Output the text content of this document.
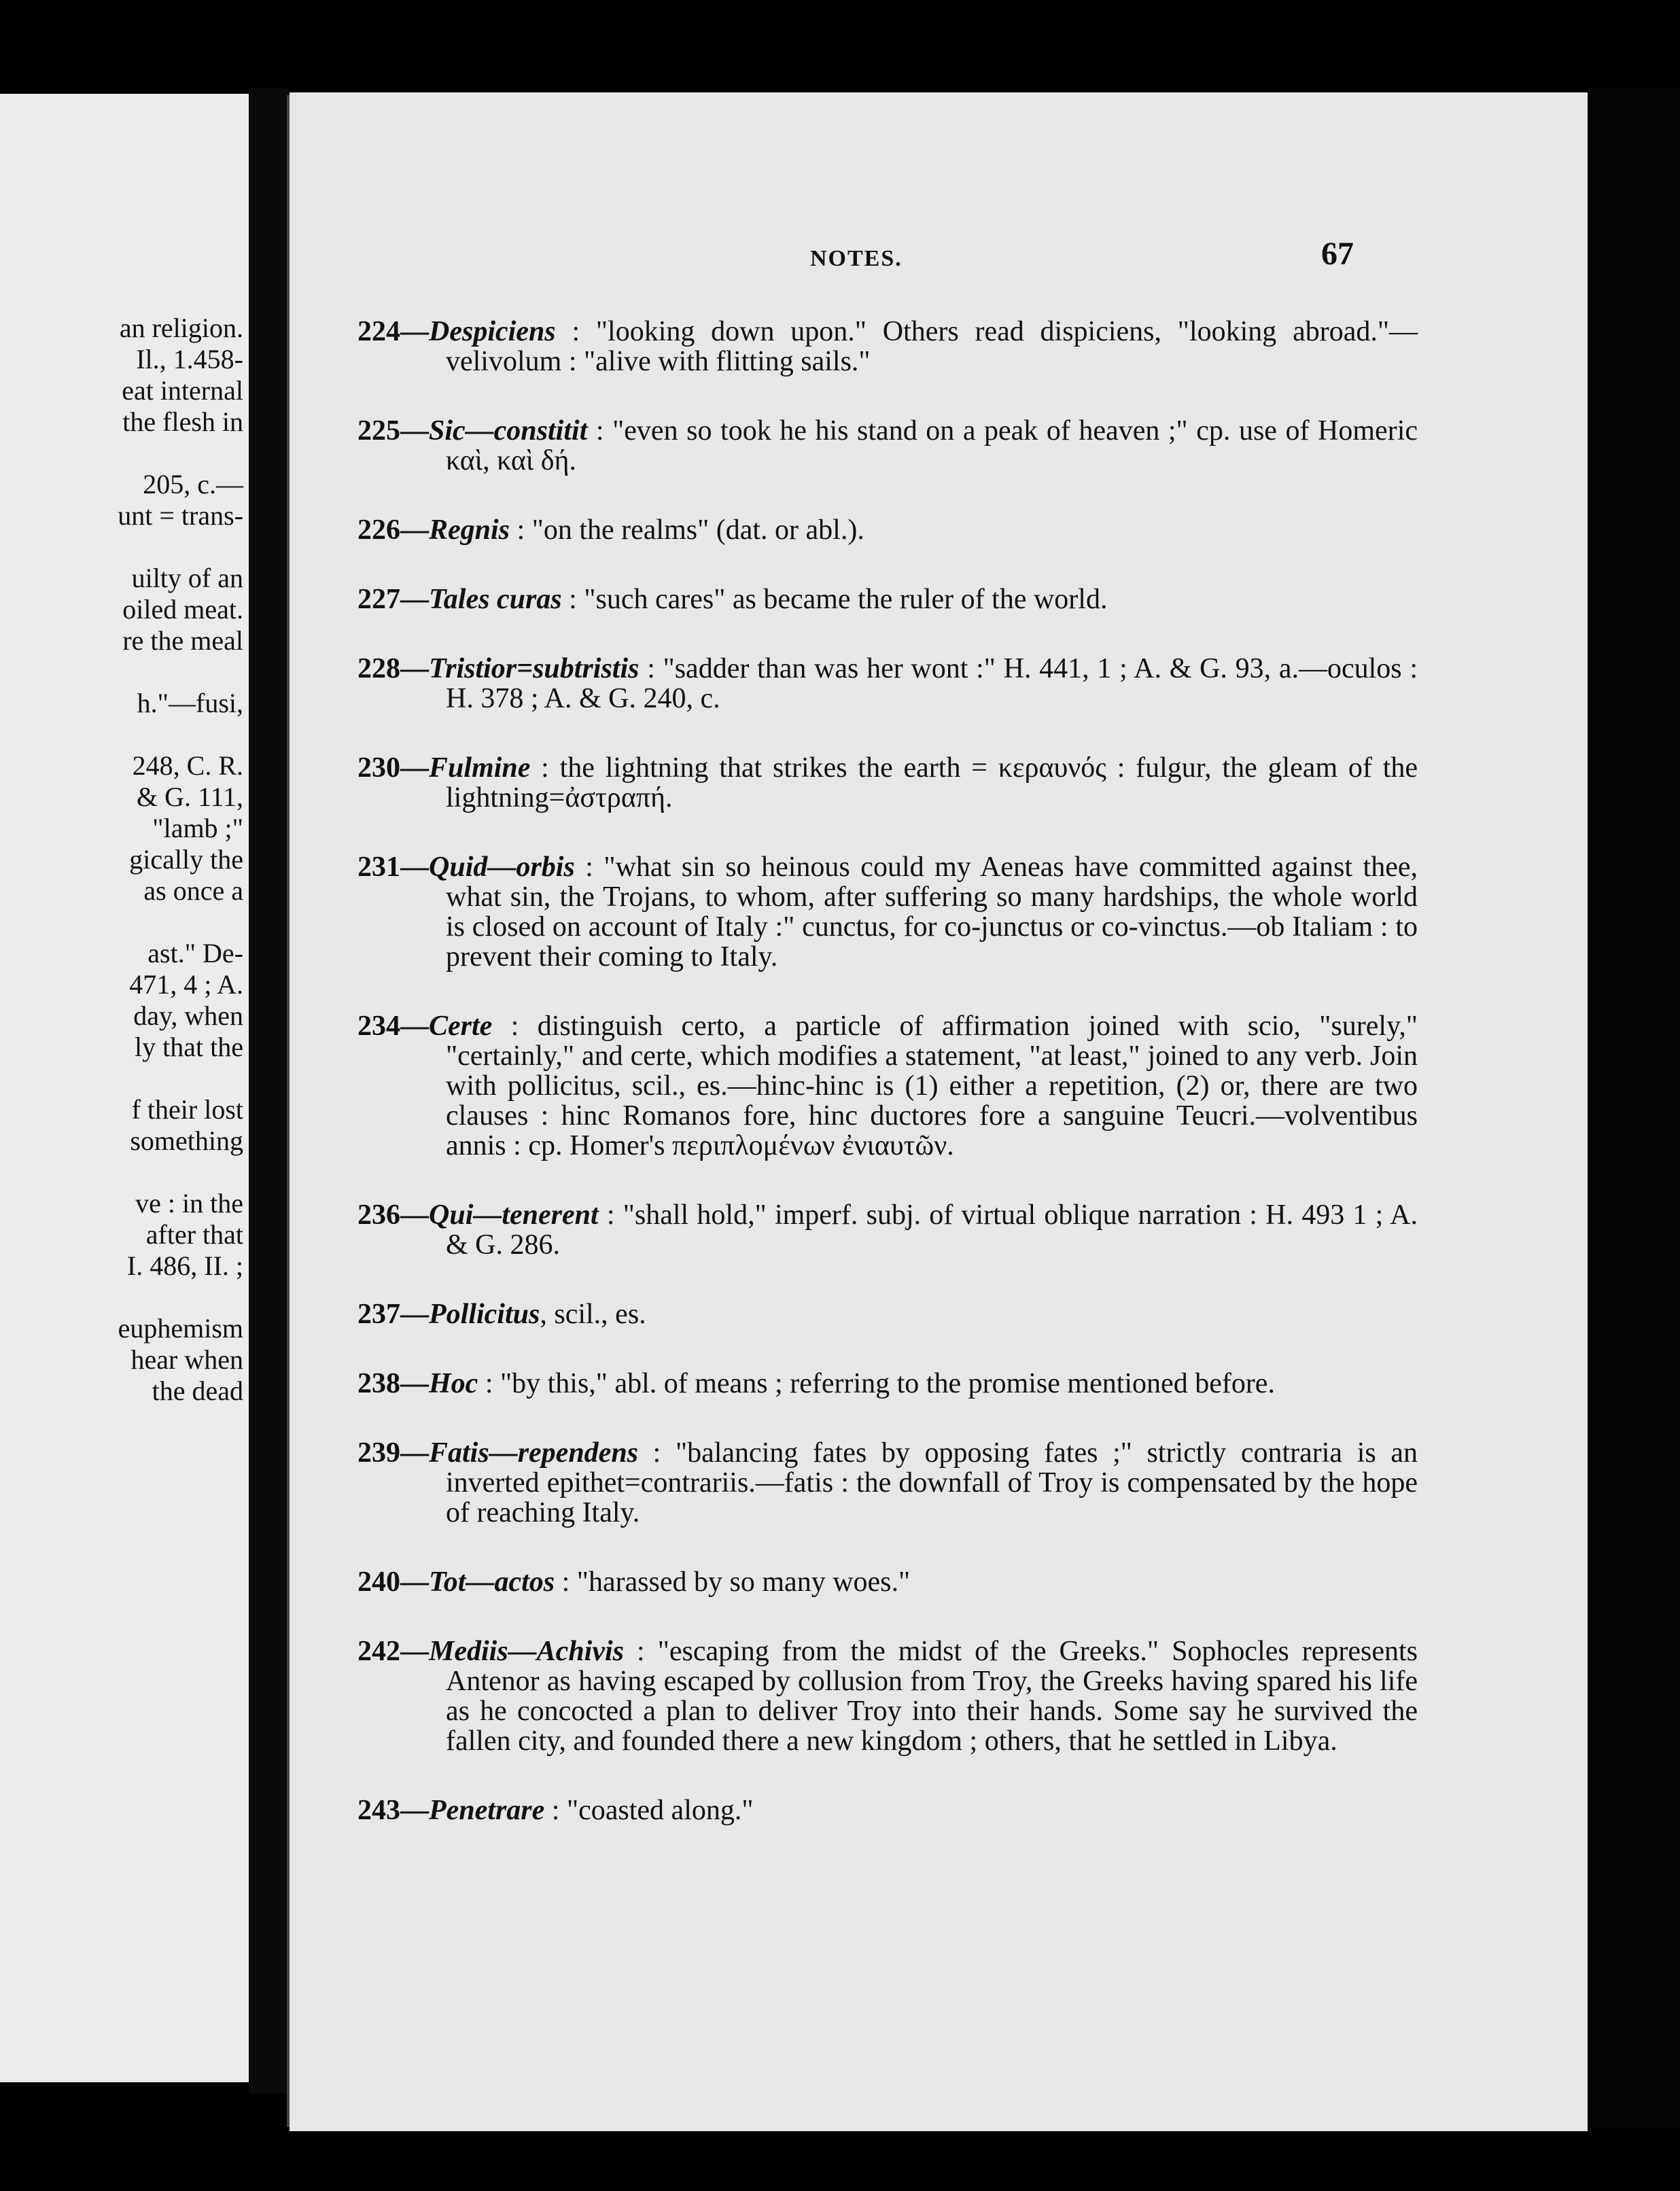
an religion.
Il., 1.458-
eat internal
the flesh in
205, c.—
unt = trans-
uilty of an
oiled meat.
re the meal
h."—fusi,
248, C. R.
& G. 111,
"lamb ;"
gically the
as once a
ast." De-
471, 4 ; A.
day, when
ly that the
f their lost
something
ve : in the
after that
I. 486, II. ;
euphemism
hear when
the dead
NOTES.	67
224—Despiciens : "looking down upon." Others read dispiciens, "looking abroad."—velivolum : "alive with flitting sails."
225—Sic—constitit : "even so took he his stand on a peak of heaven ;" cp. use of Homeric καὶ, καὶ δή.
226—Regnis : "on the realms" (dat. or abl.).
227—Tales curas : "such cares" as became the ruler of the world.
228—Tristior=subtristis : "sadder than was her wont :" H. 441, 1 ; A. & G. 93, a.—oculos : H. 378 ; A. & G. 240, c.
230—Fulmine : the lightning that strikes the earth = κεραυνός : fulgur, the gleam of the lightning=ἀστραπή.
231—Quid—orbis : "what sin so heinous could my Aeneas have committed against thee, what sin, the Trojans, to whom, after suffering so many hardships, the whole world is closed on account of Italy :" cunctus, for co-junctus or co-vinctus.—ob Italiam : to prevent their coming to Italy.
234—Certe : distinguish certo, a particle of affirmation joined with scio, "surely," "certainly," and certe, which modifies a statement, "at least," joined to any verb. Join with pollicitus, scil., es.—hinc-hinc is (1) either a repetition, (2) or, there are two clauses : hinc Romanos fore, hinc ductores fore a sanguine Teucri.—volventibus annis : cp. Homer's περιπλομένων ἐνιαυτῶν.
236—Qui—tenerent : "shall hold," imperf. subj. of virtual oblique narration : H. 493 1 ; A. & G. 286.
237—Pollicitus, scil., es.
238—Hoc : "by this," abl. of means ; referring to the promise mentioned before.
239—Fatis—rependens : "balancing fates by opposing fates ;" strictly contraria is an inverted epithet=contrariis.—fatis : the downfall of Troy is compensated by the hope of reaching Italy.
240—Tot—actos : "harassed by so many woes."
242—Mediis—Achivis : "escaping from the midst of the Greeks." Sophocles represents Antenor as having escaped by collusion from Troy, the Greeks having spared his life as he concocted a plan to deliver Troy into their hands. Some say he survived the fallen city, and founded there a new kingdom ; others, that he settled in Libya.
243—Penetrare : "coasted along."
